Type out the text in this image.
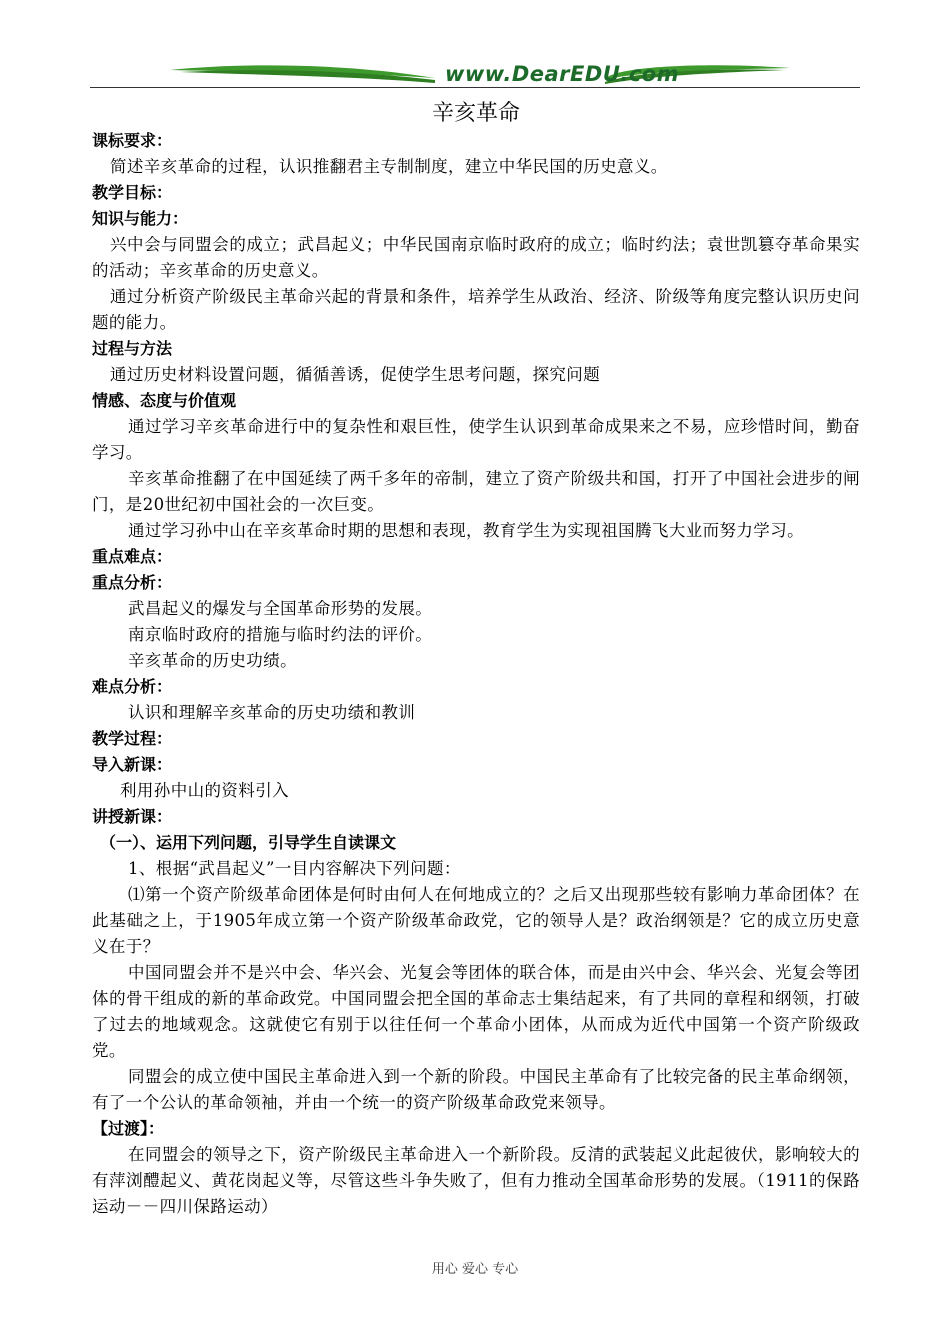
www.DearEDU.com

辛亥革命

课标要求：

简述辛亥革命的过程，认识推翻君主专制制度，建立中华民国的历史意义。

教学目标：

知识与能力：

兴中会与同盟会的成立；武昌起义；中华民国南京临时政府的成立；临时约法；袁世凯篡夺革命果实的活动；辛亥革命的历史意义。

通过分析资产阶级民主革命兴起的背景和条件，培养学生从政治、经济、阶级等角度完整认识历史问题的能力。

过程与方法

通过历史材料设置问题，循循善诱，促使学生思考问题，探究问题

情感、态度与价值观

通过学习辛亥革命进行中的复杂性和艰巨性，使学生认识到革命成果来之不易，应珍惜时间，勤奋学习。

辛亥革命推翻了在中国延续了两千多年的帝制，建立了资产阶级共和国，打开了中国社会进步的闸门，是20世纪初中国社会的一次巨变。

通过学习孙中山在辛亥革命时期的思想和表现，教育学生为实现祖国腾飞大业而努力学习。

重点难点：

重点分析：

武昌起义的爆发与全国革命形势的发展。

南京临时政府的措施与临时约法的评价。

辛亥革命的历史功绩。

难点分析：

认识和理解辛亥革命的历史功绩和教训

教学过程：

导入新课：

利用孙中山的资料引入

讲授新课：

（一）、运用下列问题，引导学生自读课文

1、根据“武昌起义”一目内容解决下列问题：

⑴第一个资产阶级革命团体是何时由何人在何地成立的？之后又出现那些较有影响力革命团体？在此基础之上，于1905年成立第一个资产阶级革命政党，它的领导人是？政治纲领是？它的成立历史意义在于？

中国同盟会并不是兴中会、华兴会、光复会等团体的联合体，而是由兴中会、华兴会、光复会等团体的骨干组成的新的革命政党。中国同盟会把全国的革命志士集结起来，有了共同的章程和纲领，打破了过去的地域观念。这就使它有别于以往任何一个革命小团体，从而成为近代中国第一个资产阶级政党。

同盟会的成立使中国民主革命进入到一个新的阶段。中国民主革命有了比较完备的民主革命纲领，有了一个公认的革命领袖，并由一个统一的资产阶级革命政党来领导。

【过渡】：

在同盟会的领导之下，资产阶级民主革命进入一个新阶段。反清的武装起义此起彼伏，影响较大的有萍浏醴起义、黄花岗起义等，尽管这些斗争失败了，但有力推动全国革命形势的发展。（1911的保路运动－－四川保路运动）

用心 爱心 专心
